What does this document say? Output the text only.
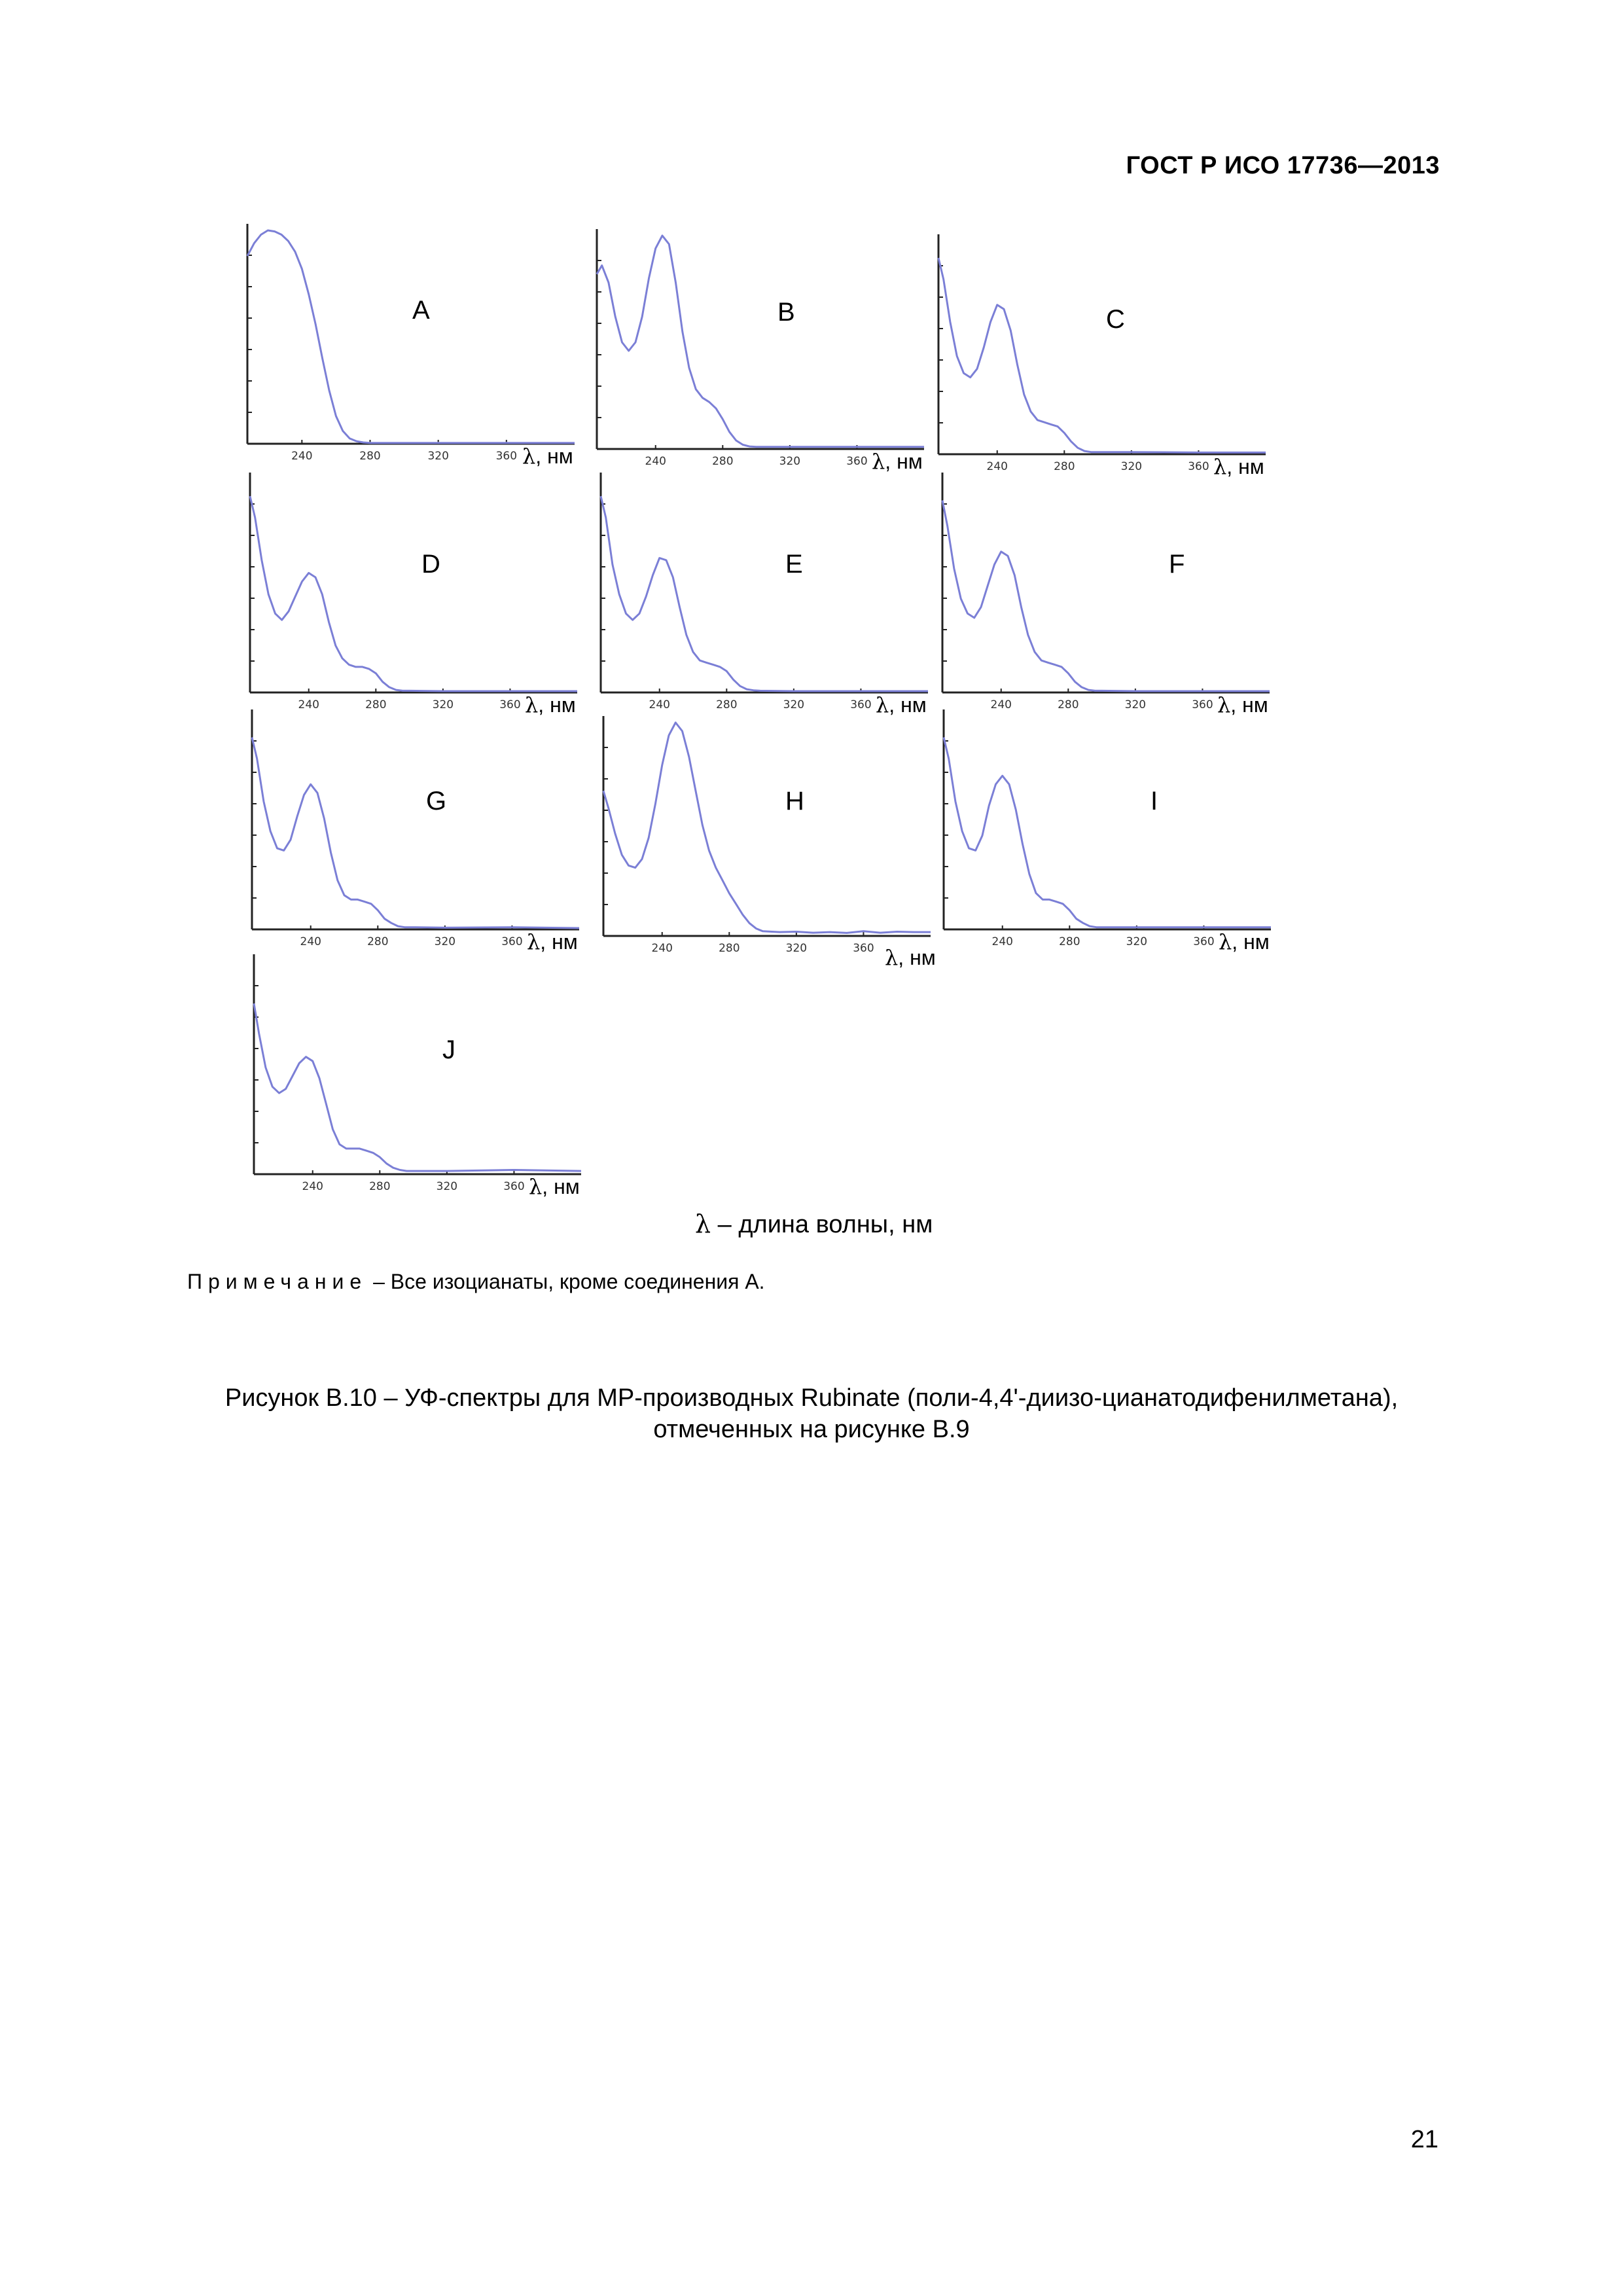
ГОСТ Р ИСО 17736—2013
240	280	320	360
A
λ, нм	240	280	320	360
B
λ, нм	240	280	320	360
C
λ, нм
240	280	320	360
D
λ, нм	240	280	320	360
E
λ, нм	240	280	320	360
F
λ, нм
240	280	320	360
G
λ, нм	240	280	320	360
H
λ, нм
240	280	320	360
I
λ, нм
240	280	320	360
J
λ, нм
λ – длина волны, нм
Примечание – Все изоцианаты, кроме соединения А.
Рисунок В.10 – УФ-спектры для МР-производных Rubinate (поли-4,4'-диизо-цианатодифенилметана),
отмеченных на рисунке В.9
21
